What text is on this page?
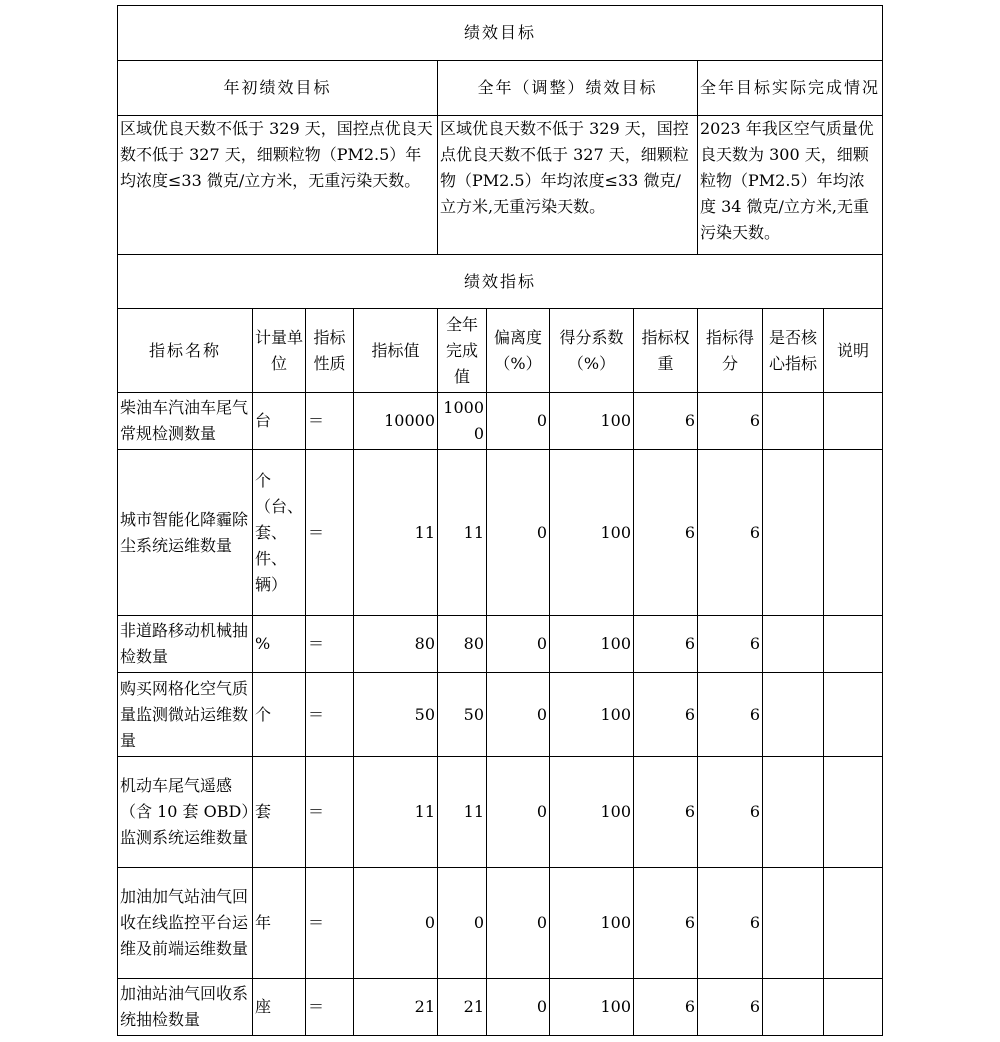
绩效目标										
年初绩效目标				全年（调整）绩效目标				全年目标实际完成情况		
区域优良天数不低于 329 天，国控点优良天数不低于 327 天，细颗粒物（PM2.5）年均浓度≤33 微克/立方米，无重污染天数。				区域优良天数不低于 329 天，国控点优良天数不低于 327 天，细颗粒物（PM2.5）年均浓度≤33 微克/立方米,无重污染天数。				2023 年我区空气质量优良天数为 300 天，细颗粒物（PM2.5）年均浓度 34 微克/立方米,无重污染天数。		
绩效指标										
指标名称	计量单位	指标性质	指标值	全年完成值	偏离度（%）	得分系数（%）	指标权重	指标得分	是否核心指标	说明
柴油车汽油车尾气常规检测数量	台	＝	10000	10000	0	100	6	6		
城市智能化降霾除尘系统运维数量	个（台、套、件、辆）	＝	11	11	0	100	6	6		
非道路移动机械抽检数量	%	＝	80	80	0	100	6	6		
购买网格化空气质量监测微站运维数量	个	＝	50	50	0	100	6	6		
机动车尾气遥感（含 10 套 OBD）监测系统运维数量	套	＝	11	11	0	100	6	6		
加油加气站油气回收在线监控平台运维及前端运维数量	年	＝	0	0	0	100	6	6		
加油站油气回收系统抽检数量	座	＝	21	21	0	100	6	6		
